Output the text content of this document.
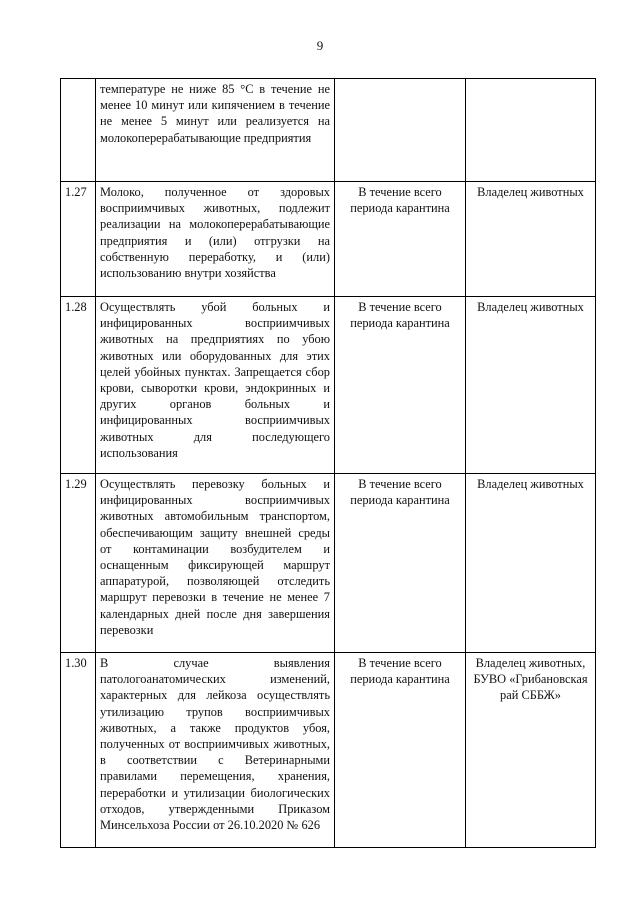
9
	температуре не ниже 85 °С в течение не менее 10 минут или кипячением в течение не менее 5 минут или реализуется на молокоперерабатывающие предприятия		
1.27	Молоко, полученное от здоровых восприимчивых животных, подлежит реализации на молокоперерабатывающие предприятия и (или) отгрузки на собственную переработку, и (или) использованию внутри хозяйства	В течение всего периода карантина	Владелец животных
1.28	Осуществлять убой больных и инфицированных восприимчивых животных на предприятиях по убою животных или оборудованных для этих целей убойных пунктах. Запрещается сбор крови, сыворотки крови, эндокринных и других органов больных и инфицированных восприимчивых животных для последующего использования	В течение всего периода карантина	Владелец животных
1.29	Осуществлять перевозку больных и инфицированных восприимчивых животных автомобильным транспортом, обеспечивающим защиту внешней среды от контаминации возбудителем и оснащенным фиксирующей маршрут аппаратурой, позволяющей отследить маршрут перевозки в течение не менее 7 календарных дней после дня завершения перевозки	В течение всего периода карантина	Владелец животных
1.30	В случае выявления патологоанатомических изменений, характерных для лейкоза осуществлять утилизацию трупов восприимчивых животных, а также продуктов убоя, полученных от восприимчивых животных, в соответствии с Ветеринарными правилами перемещения, хранения, переработки и утилизации биологических отходов, утвержденными Приказом Минсельхоза России от 26.10.2020 № 626	В течение всего периода карантина	Владелец животных, БУВО «Грибановская рай СББЖ»
